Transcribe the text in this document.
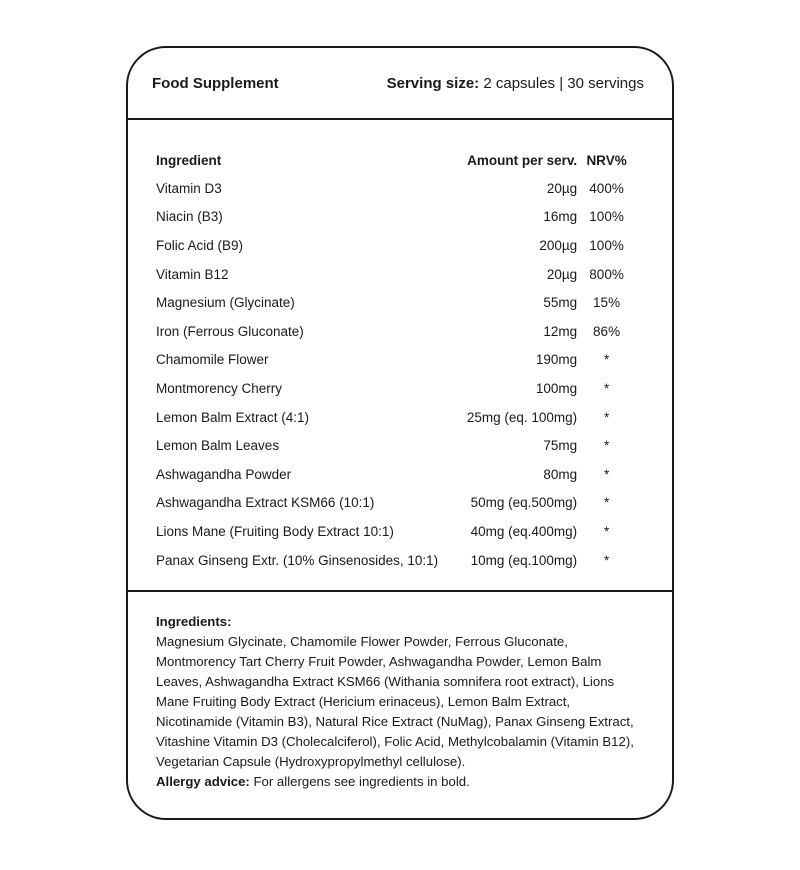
Food Supplement	Serving size: 2 capsules | 30 servings
Ingredient	Amount per serv.	NRV%
Vitamin D3	20µg	400%
Niacin (B3)	16mg	100%
Folic Acid (B9)	200µg	100%
Vitamin B12	20µg	800%
Magnesium (Glycinate)	55mg	15%
Iron (Ferrous Gluconate)	12mg	86%
Chamomile Flower	190mg	*
Montmorency Cherry	100mg	*
Lemon Balm Extract (4:1)	25mg (eq. 100mg)	*
Lemon Balm Leaves	75mg	*
Ashwagandha Powder	80mg	*
Ashwagandha Extract KSM66 (10:1)	50mg (eq.500mg)	*
Lions Mane (Fruiting Body Extract 10:1)	40mg (eq.400mg)	*
Panax Ginseng Extr. (10% Ginsenosides, 10:1)	10mg (eq.100mg)	*
Ingredients:
Magnesium Glycinate, Chamomile Flower Powder, Ferrous Gluconate, Montmorency Tart Cherry Fruit Powder, Ashwagandha Powder, Lemon Balm Leaves, Ashwagandha Extract KSM66 (Withania somnifera root extract), Lions Mane Fruiting Body Extract (Hericium erinaceus), Lemon Balm Extract, Nicotinamide (Vitamin B3), Natural Rice Extract (NuMag), Panax Ginseng Extract, Vitashine Vitamin D3 (Cholecalciferol), Folic Acid, Methylcobalamin (Vitamin B12), Vegetarian Capsule (Hydroxypropylmethyl cellulose).
Allergy advice: For allergens see ingredients in bold.
